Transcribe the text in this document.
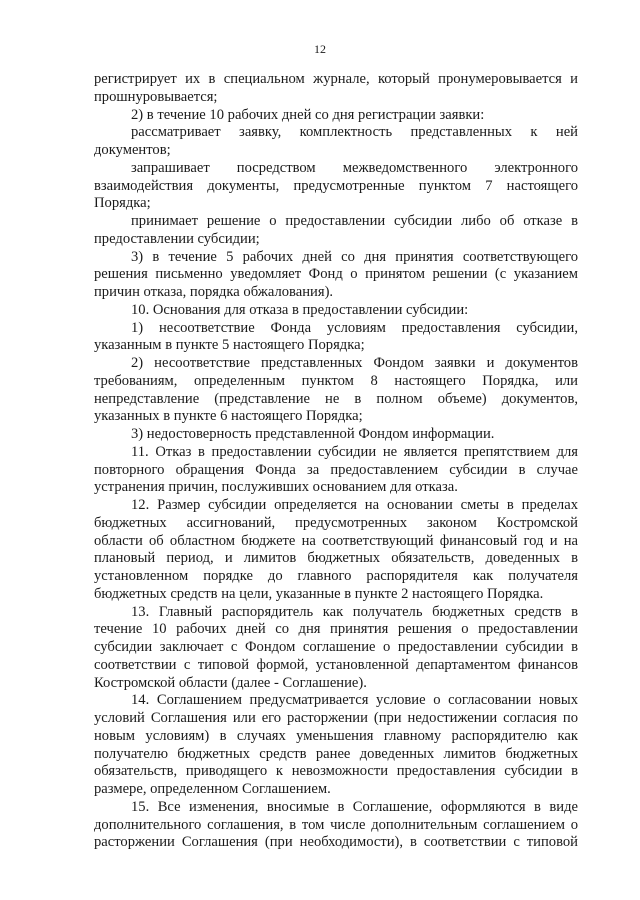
12
регистрирует их в специальном журнале, который пронумеровывается и
прошнуровывается;
2) в течение 10 рабочих дней со дня регистрации заявки:
рассматривает заявку, комплектность представленных к ней
документов;
запрашивает посредством межведомственного электронного
взаимодействия документы, предусмотренные пунктом 7 настоящего
Порядка;
принимает решение о предоставлении субсидии либо об отказе в
предоставлении субсидии;
3) в течение 5 рабочих дней со дня принятия соответствующего
решения письменно уведомляет Фонд о принятом решении (с указанием
причин отказа, порядка обжалования).
10. Основания для отказа в предоставлении субсидии:
1) несоответствие Фонда условиям предоставления субсидии,
указанным в пункте 5 настоящего Порядка;
2) несоответствие представленных Фондом заявки и документов
требованиям, определенным пунктом 8 настоящего Порядка, или
непредставление (представление не в полном объеме) документов,
указанных в пункте 6 настоящего Порядка;
3) недостоверность представленной Фондом информации.
11. Отказ в предоставлении субсидии не является препятствием для
повторного обращения Фонда за предоставлением субсидии в случае
устранения причин, послуживших основанием для отказа.
12. Размер субсидии определяется на основании сметы в пределах
бюджетных ассигнований, предусмотренных законом Костромской
области об областном бюджете на соответствующий финансовый год и на
плановый период, и лимитов бюджетных обязательств, доведенных в
установленном порядке до главного распорядителя как получателя
бюджетных средств на цели, указанные в пункте 2 настоящего Порядка.
13. Главный распорядитель как получатель бюджетных средств в
течение 10 рабочих дней со дня принятия решения о предоставлении
субсидии заключает с Фондом соглашение о предоставлении субсидии в
соответствии с типовой формой, установленной департаментом финансов
Костромской области (далее - Соглашение).
14. Соглашением предусматривается условие о согласовании новых
условий Соглашения или его расторжении (при недостижении согласия по
новым условиям) в случаях уменьшения главному распорядителю как
получателю бюджетных средств ранее доведенных лимитов бюджетных
обязательств, приводящего к невозможности предоставления субсидии в
размере, определенном Соглашением.
15. Все изменения, вносимые в Соглашение, оформляются в виде
дополнительного соглашения, в том числе дополнительным соглашением о
расторжении Соглашения (при необходимости), в соответствии с типовой
